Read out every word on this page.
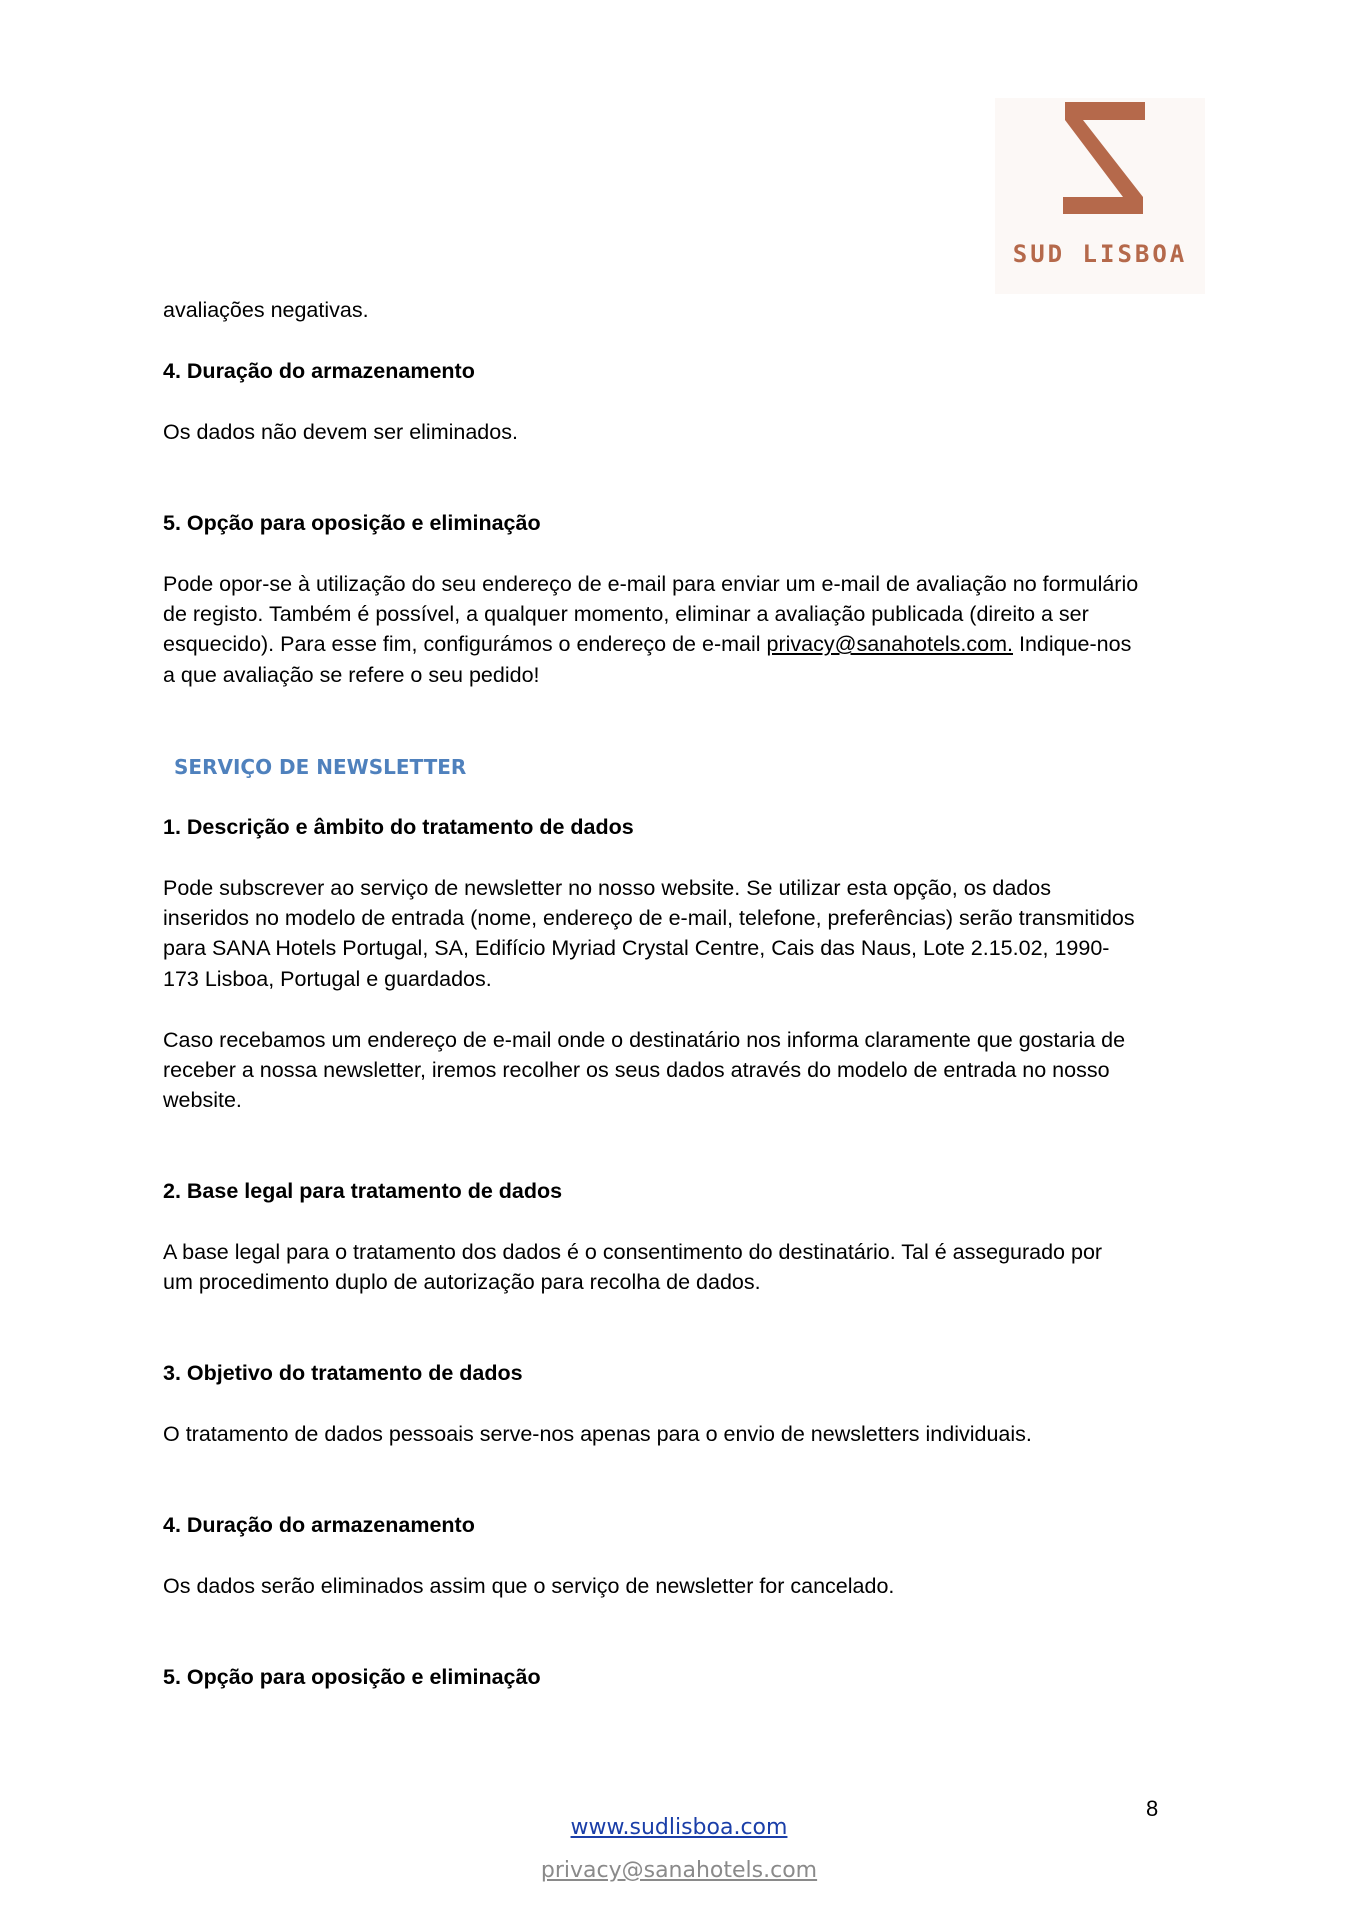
SUD LISBOA

avaliações negativas.

4. Duração do armazenamento

Os dados não devem ser eliminados.

5. Opção para oposição e eliminação

Pode opor-se à utilização do seu endereço de e-mail para enviar um e-mail de avaliação no formulário

de registo. Também é possível, a qualquer momento, eliminar a avaliação publicada (direito a ser

esquecido). Para esse fim, configurámos o endereço de e-mail privacy@sanahotels.com. Indique-nos

a que avaliação se refere o seu pedido!

SERVIÇO DE NEWSLETTER

1. Descrição e âmbito do tratamento de dados

Pode subscrever ao serviço de newsletter no nosso website. Se utilizar esta opção, os dados

inseridos no modelo de entrada (nome, endereço de e-mail, telefone, preferências) serão transmitidos

para SANA Hotels Portugal, SA, Edifício Myriad Crystal Centre, Cais das Naus, Lote 2.15.02, 1990-

173 Lisboa, Portugal e guardados.

Caso recebamos um endereço de e-mail onde o destinatário nos informa claramente que gostaria de

receber a nossa newsletter, iremos recolher os seus dados através do modelo de entrada no nosso

website.

2. Base legal para tratamento de dados

A base legal para o tratamento dos dados é o consentimento do destinatário. Tal é assegurado por

um procedimento duplo de autorização para recolha de dados.

3. Objetivo do tratamento de dados

O tratamento de dados pessoais serve-nos apenas para o envio de newsletters individuais.

4. Duração do armazenamento

Os dados serão eliminados assim que o serviço de newsletter for cancelado.

5. Opção para oposição e eliminação

8
www.sudlisboa.com
privacy@sanahotels.com
